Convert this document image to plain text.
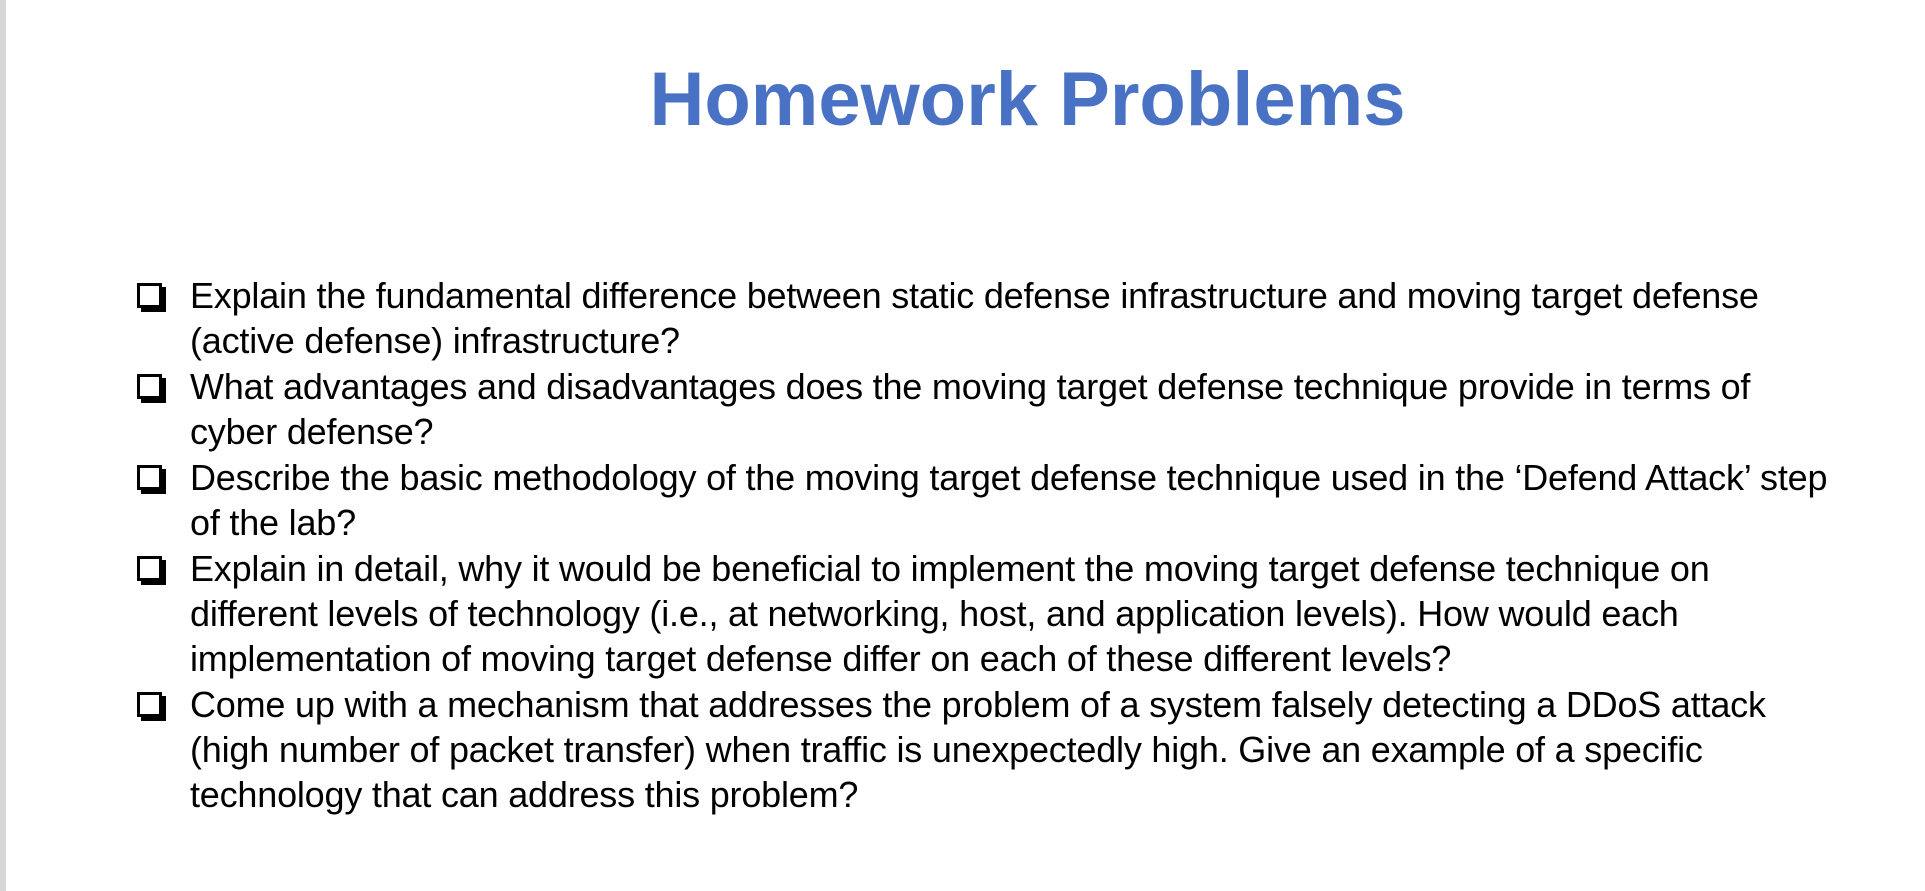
Homework Problems
Explain the fundamental difference between static defense infrastructure and moving target defense (active defense) infrastructure?
What advantages and disadvantages does the moving target defense technique provide in terms of cyber defense?
Describe the basic methodology of the moving target defense technique used in the ‘Defend Attack’ step of the lab?
Explain in detail, why it would be beneficial to implement the moving target defense technique on different levels of technology (i.e., at networking, host, and application levels). How would each implementation of moving target defense differ on each of these different levels?
Come up with a mechanism that addresses the problem of a system falsely detecting a DDoS attack (high number of packet transfer) when traffic is unexpectedly high. Give an example of a specific technology that can address this problem?
